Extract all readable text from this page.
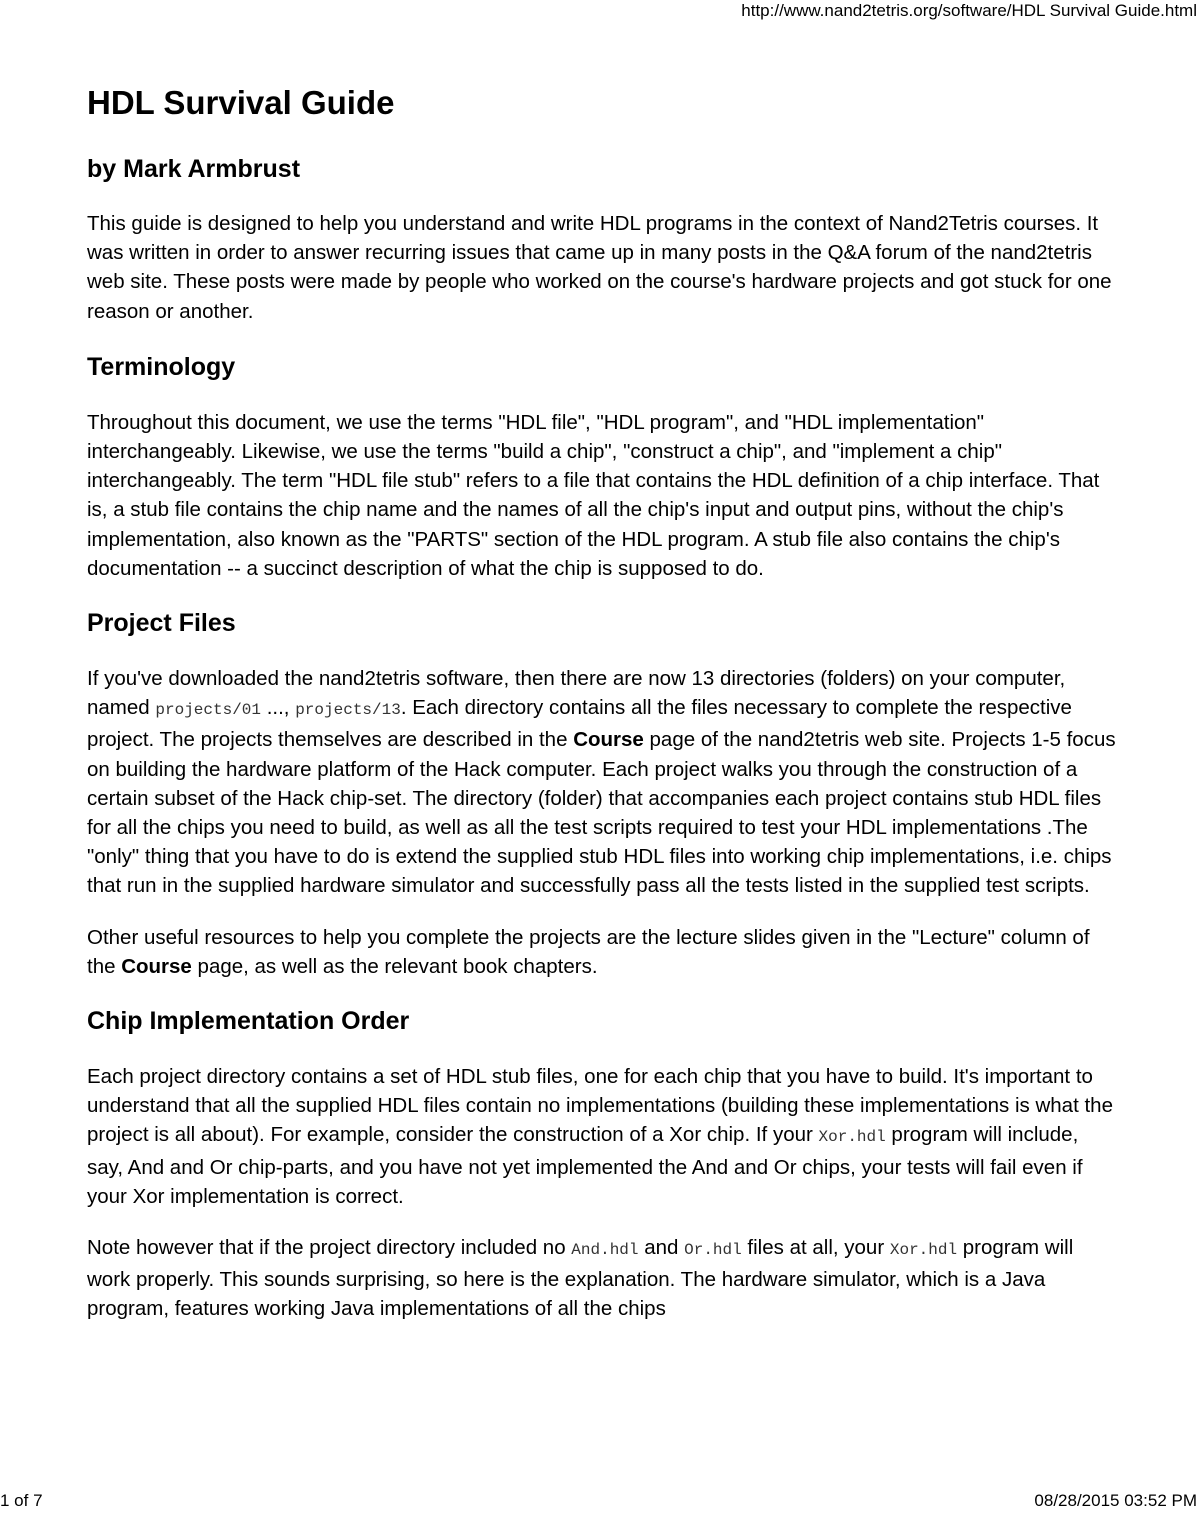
http://www.nand2tetris.org/software/HDL Survival Guide.html
HDL Survival Guide
by Mark Armbrust

This guide is designed to help you understand and write HDL programs in the context of Nand2Tetris courses. It was written in order to answer recurring issues that came up in many posts in the Q&A forum of the nand2tetris web site. These posts were made by people who worked on the course's hardware projects and got stuck for one reason or another.

Terminology

Throughout this document, we use the terms "HDL file", "HDL program", and "HDL implementation" interchangeably. Likewise, we use the terms "build a chip", "construct a chip", and "implement a chip" interchangeably. The term "HDL file stub" refers to a file that contains the HDL definition of a chip interface. That is, a stub file contains the chip name and the names of all the chip's input and output pins, without the chip's implementation, also known as the "PARTS" section of the HDL program. A stub file also contains the chip's documentation -- a succinct description of what the chip is supposed to do.

Project Files

If you've downloaded the nand2tetris software, then there are now 13 directories (folders) on your computer, named projects/01 ..., projects/13. Each directory contains all the files necessary to complete the respective project. The projects themselves are described in the Course page of the nand2tetris web site. Projects 1-5 focus on building the hardware platform of the Hack computer. Each project walks you through the construction of a certain subset of the Hack chip-set. The directory (folder) that accompanies each project contains stub HDL files for all the chips you need to build, as well as all the test scripts required to test your HDL implementations .The "only" thing that you have to do is extend the supplied stub HDL files into working chip implementations, i.e. chips that run in the supplied hardware simulator and successfully pass all the tests listed in the supplied test scripts.

Other useful resources to help you complete the projects are the lecture slides given in the "Lecture" column of the Course page, as well as the relevant book chapters.

Chip Implementation Order

Each project directory contains a set of HDL stub files, one for each chip that you have to build. It's important to understand that all the supplied HDL files contain no implementations (building these implementations is what the project is all about). For example, consider the construction of a Xor chip. If your Xor.hdl program will include, say, And and Or chip-parts, and you have not yet implemented the And and Or chips, your tests will fail even if your Xor implementation is correct.

Note however that if the project directory included no And.hdl and Or.hdl files at all, your Xor.hdl program will work properly. This sounds surprising, so here is the explanation. The hardware simulator, which is a Java program, features working Java implementations of all the chips

1 of 7	08/28/2015 03:52 PM
